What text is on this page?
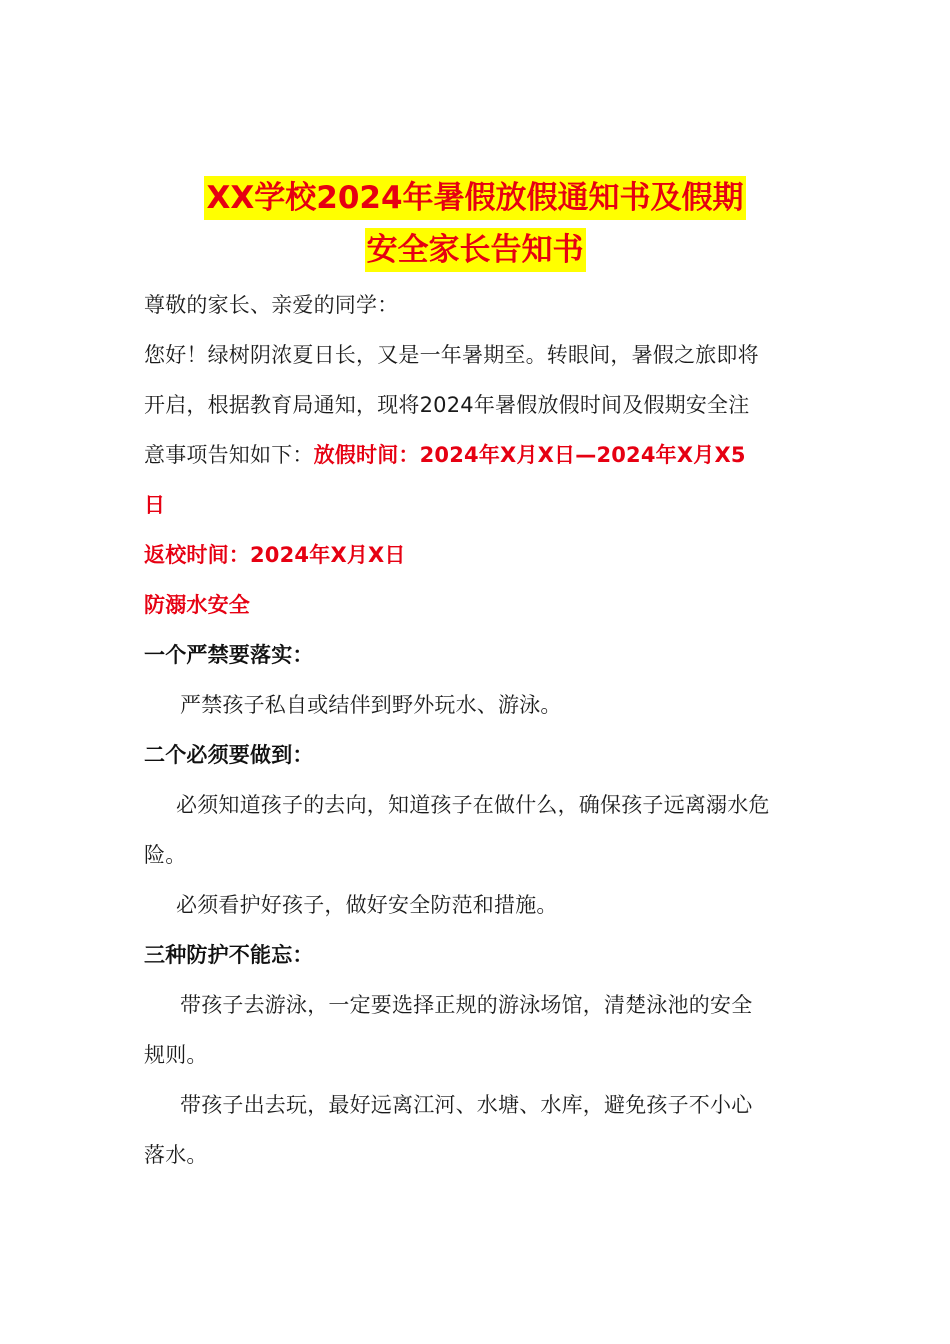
XX学校2024年暑假放假通知书及假期
安全家长告知书
尊敬的家长、亲爱的同学：
您好！绿树阴浓夏日长，又是一年暑期至。转眼间，暑假之旅即将
开启，根据教育局通知，现将2024年暑假放假时间及假期安全注
意事项告知如下：放假时间：2024年X月X日—2024年X月X5
日
返校时间：2024年X月X日
防溺水安全
一个严禁要落实：
严禁孩子私自或结伴到野外玩水、游泳。
二个必须要做到：
必须知道孩子的去向，知道孩子在做什么，确保孩子远离溺水危
险。
必须看护好孩子，做好安全防范和措施。
三种防护不能忘：
带孩子去游泳，一定要选择正规的游泳场馆，清楚泳池的安全
规则。
带孩子出去玩，最好远离江河、水塘、水库，避免孩子不小心
落水。
